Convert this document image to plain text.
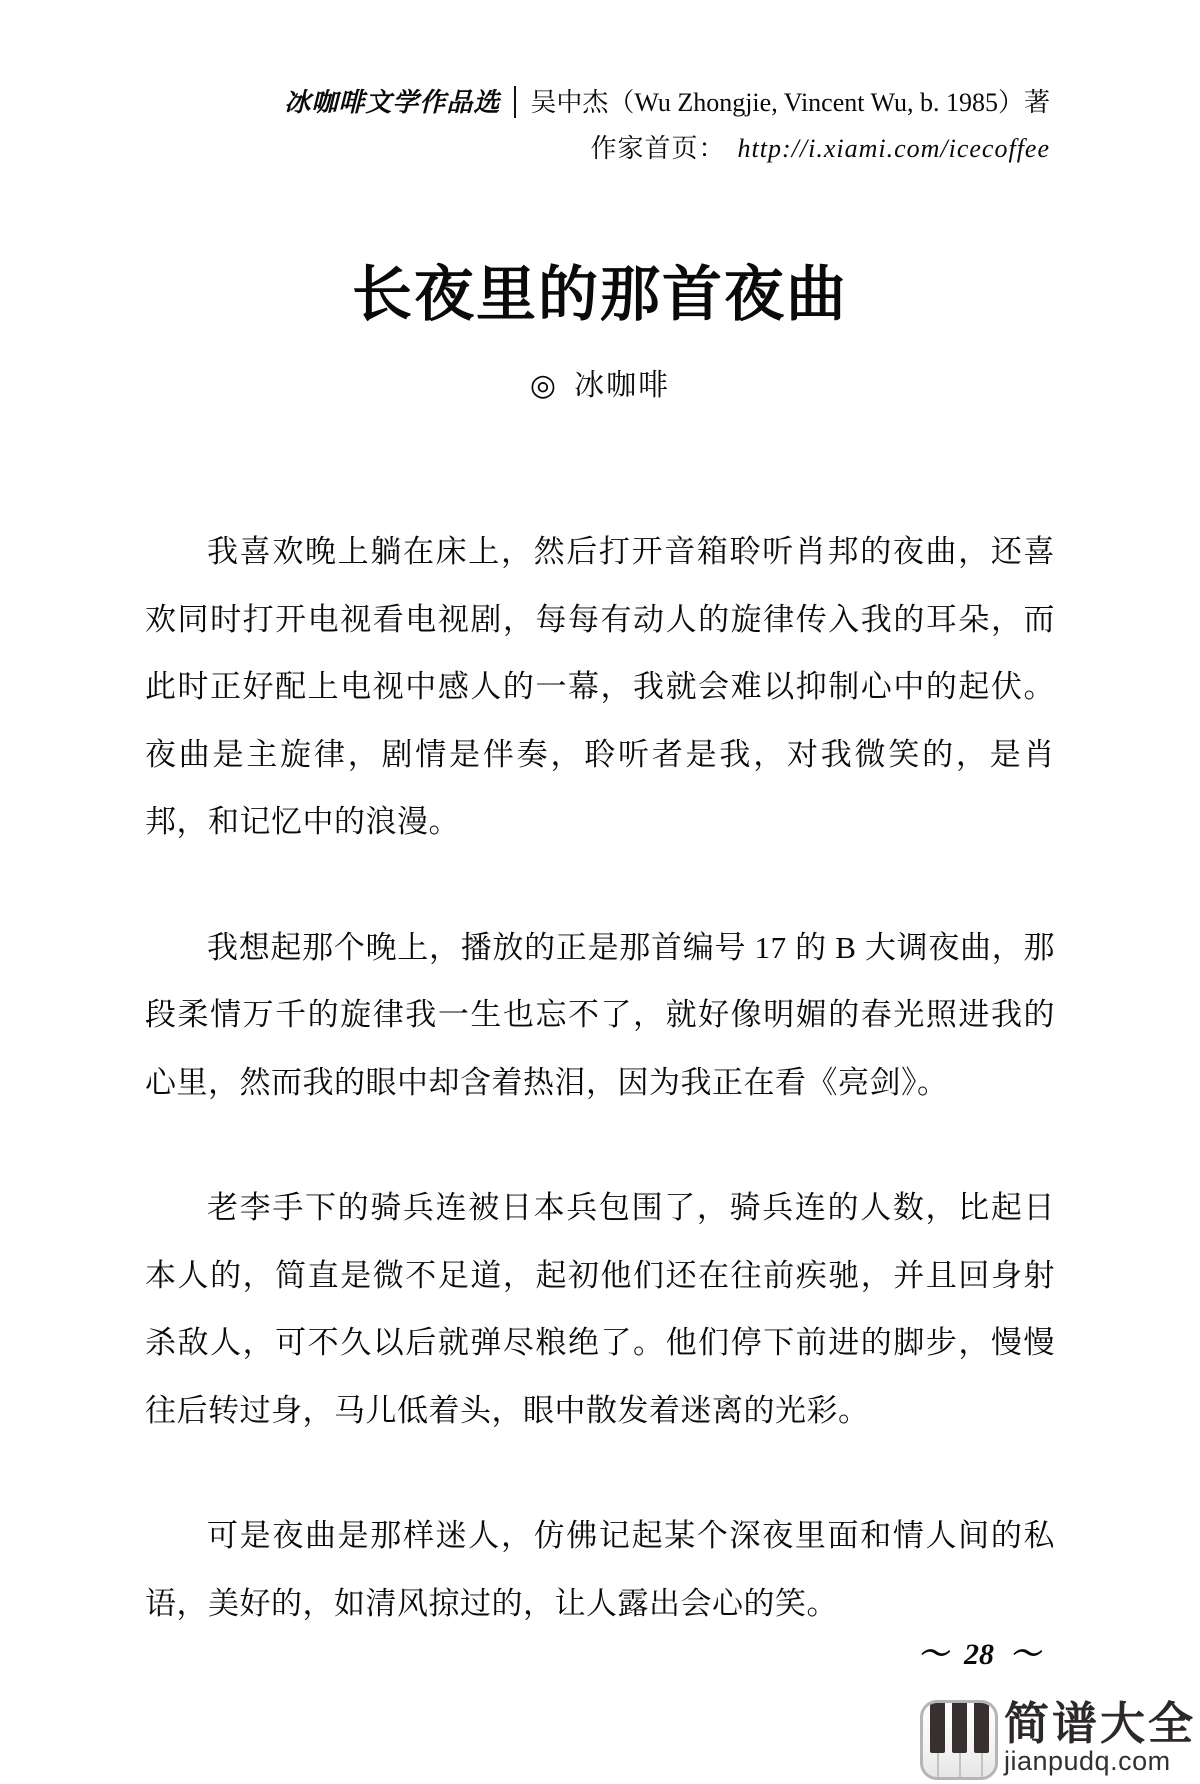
冰咖啡文学作品选 吴中杰（Wu Zhongjie, Vincent Wu, b. 1985）著
作家首页： http://i.xiami.com/icecoffee
长夜里的那首夜曲
◎ 冰咖啡

我喜欢晚上躺在床上，然后打开音箱聆听肖邦的夜曲，还喜欢同时打开电视看电视剧，每每有动人的旋律传入我的耳朵，而此时正好配上电视中感人的一幕，我就会难以抑制心中的起伏。夜曲是主旋律，剧情是伴奏，聆听者是我，对我微笑的，是肖邦，和记忆中的浪漫。

我想起那个晚上，播放的正是那首编号 17 的 B 大调夜曲，那段柔情万千的旋律我一生也忘不了，就好像明媚的春光照进我的心里，然而我的眼中却含着热泪，因为我正在看《亮剑》。

老李手下的骑兵连被日本兵包围了，骑兵连的人数，比起日本人的，简直是微不足道，起初他们还在往前疾驰，并且回身射杀敌人，可不久以后就弹尽粮绝了。他们停下前进的脚步，慢慢往后转过身，马儿低着头，眼中散发着迷离的光彩。

可是夜曲是那样迷人，仿佛记起某个深夜里面和情人间的私语，美好的，如清风掠过的，让人露出会心的笑。

～ 28 ～
简谱大全
jianpudq.com
